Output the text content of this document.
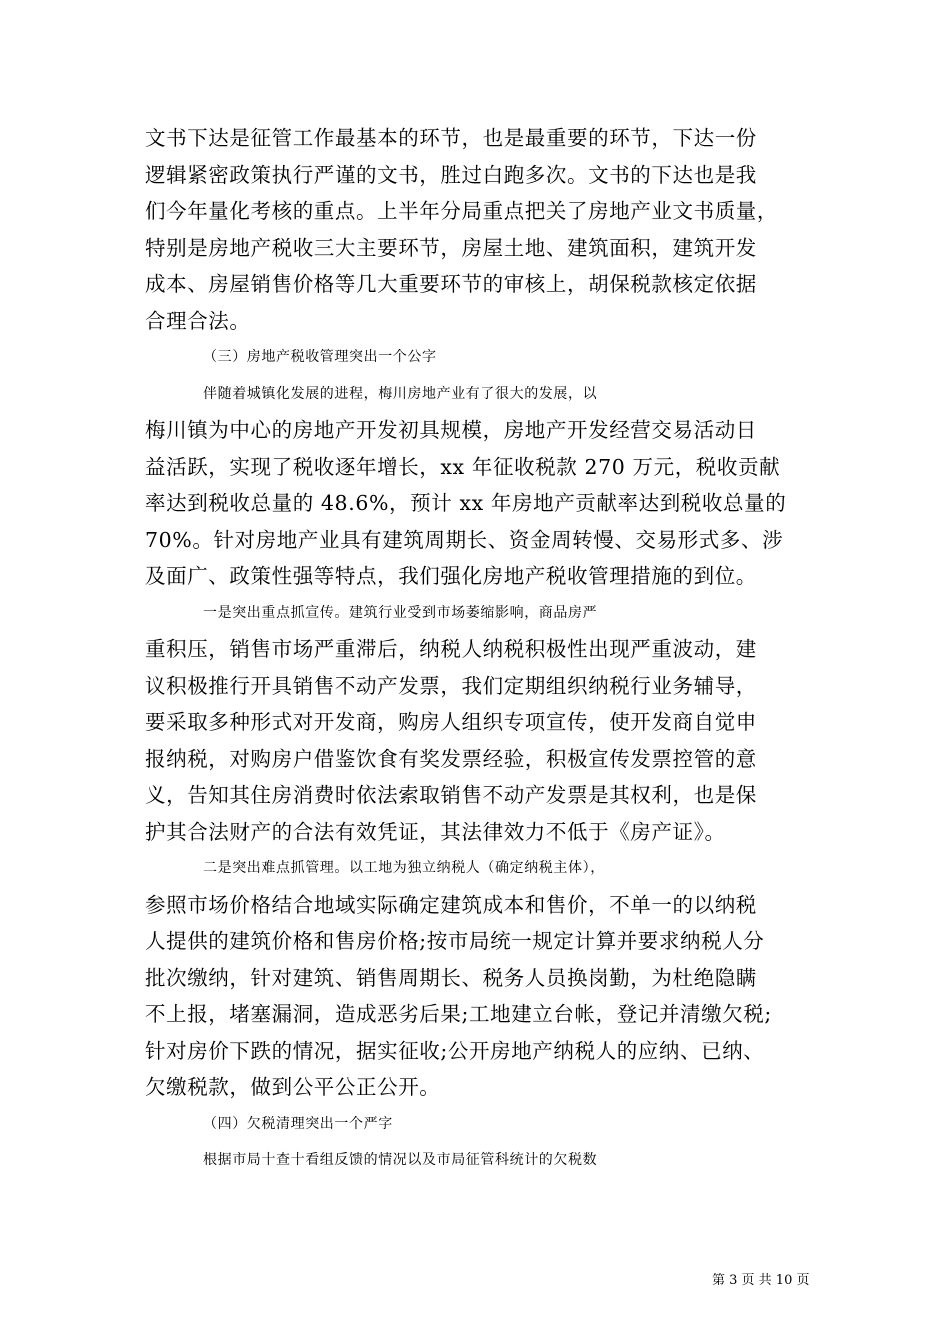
文书下达是征管工作最基本的环节，也是最重要的环节，下达一份
逻辑紧密政策执行严谨的文书，胜过白跑多次。文书的下达也是我
们今年量化考核的重点。上半年分局重点把关了房地产业文书质量，
特别是房地产税收三大主要环节，房屋土地、建筑面积，建筑开发
成本、房屋销售价格等几大重要环节的审核上，胡保税款核定依据
合理合法。
（三）房地产税收管理突出一个公字
伴随着城镇化发展的进程，梅川房地产业有了很大的发展，以
梅川镇为中心的房地产开发初具规模，房地产开发经营交易活动日
益活跃，实现了税收逐年增长，xx 年征收税款 270 万元，税收贡献
率达到税收总量的 48.6%，预计 xx 年房地产贡献率达到税收总量的
70%。针对房地产业具有建筑周期长、资金周转慢、交易形式多、涉
及面广、政策性强等特点，我们强化房地产税收管理措施的到位。
一是突出重点抓宣传。建筑行业受到市场萎缩影响，商品房严
重积压，销售市场严重滞后，纳税人纳税积极性出现严重波动，建
议积极推行开具销售不动产发票，我们定期组织纳税行业务辅导，
要采取多种形式对开发商，购房人组织专项宣传，使开发商自觉申
报纳税，对购房户借鉴饮食有奖发票经验，积极宣传发票控管的意
义，告知其住房消费时依法索取销售不动产发票是其权利，也是保
护其合法财产的合法有效凭证，其法律效力不低于《房产证》。
二是突出难点抓管理。以工地为独立纳税人（确定纳税主体），
参照市场价格结合地域实际确定建筑成本和售价，不单一的以纳税
人提供的建筑价格和售房价格;按市局统一规定计算并要求纳税人分
批次缴纳，针对建筑、销售周期长、税务人员换岗勤，为杜绝隐瞒
不上报，堵塞漏洞，造成恶劣后果;工地建立台帐，登记并清缴欠税;
针对房价下跌的情况，据实征收;公开房地产纳税人的应纳、已纳、
欠缴税款，做到公平公正公开。
（四）欠税清理突出一个严字
根据市局十查十看组反馈的情况以及市局征管科统计的欠税数
第 3 页 共 10 页
